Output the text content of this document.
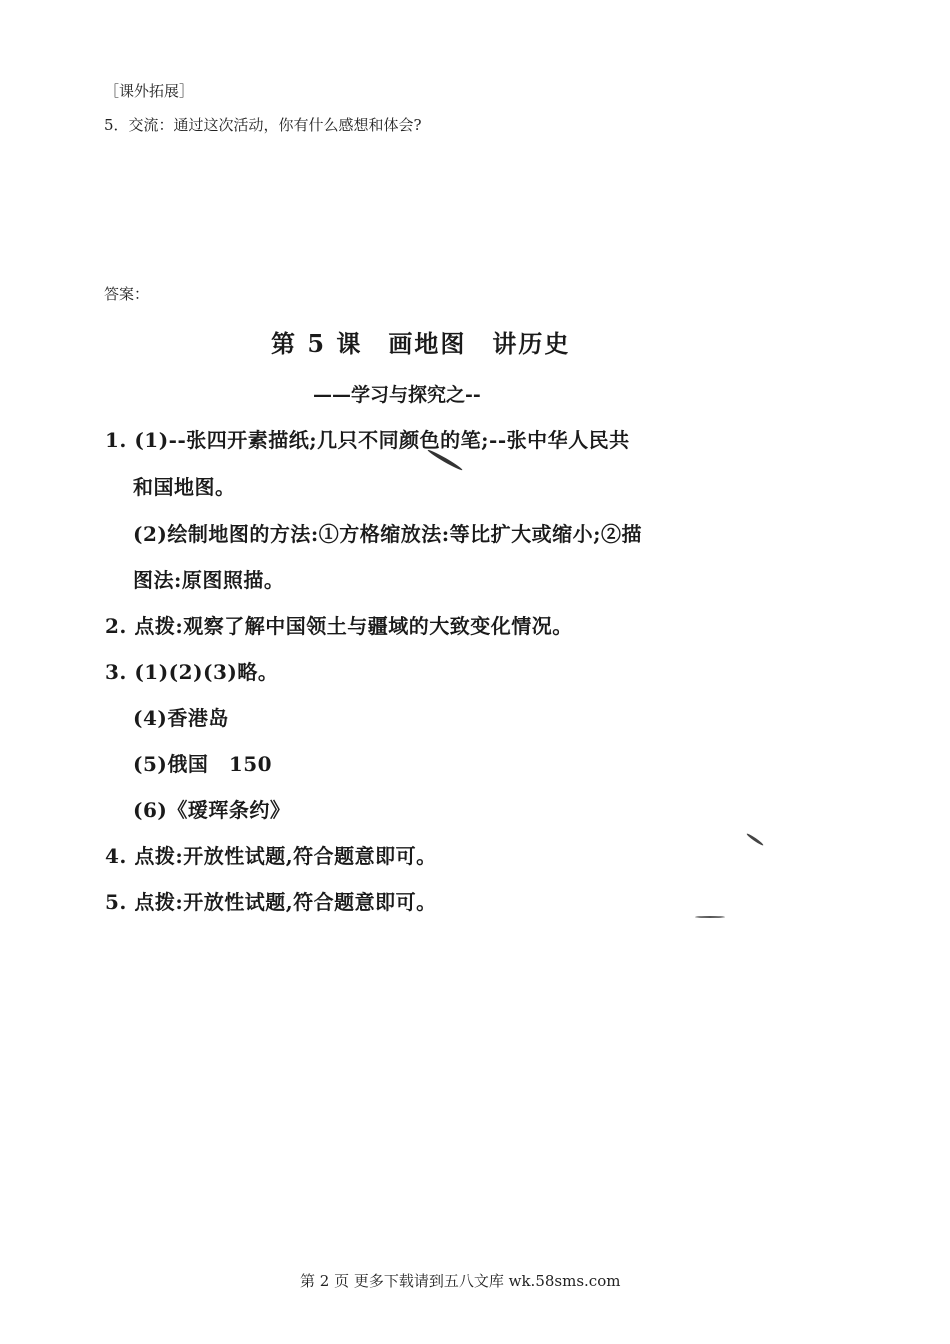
［课外拓展］
5．交流：通过这次活动，你有什么感想和体会?
答案：
第 5 课　画地图　讲历史
——学习与探究之--
1. (1)--张四开素描纸;几只不同颜色的笔;--张中华人民共
和国地图。
(2)绘制地图的方法:①方格缩放法:等比扩大或缩小;②描
图法:原图照描。
2. 点拨:观察了解中国领土与疆域的大致变化情况。
3. (1)(2)(3)略。
(4)香港岛
(5)俄国　150
(6)《瑷珲条约》
4. 点拨:开放性试题,符合题意即可。
5. 点拨:开放性试题,符合题意即可。
第 2 页 更多下载请到五八文库 wk.58sms.com
